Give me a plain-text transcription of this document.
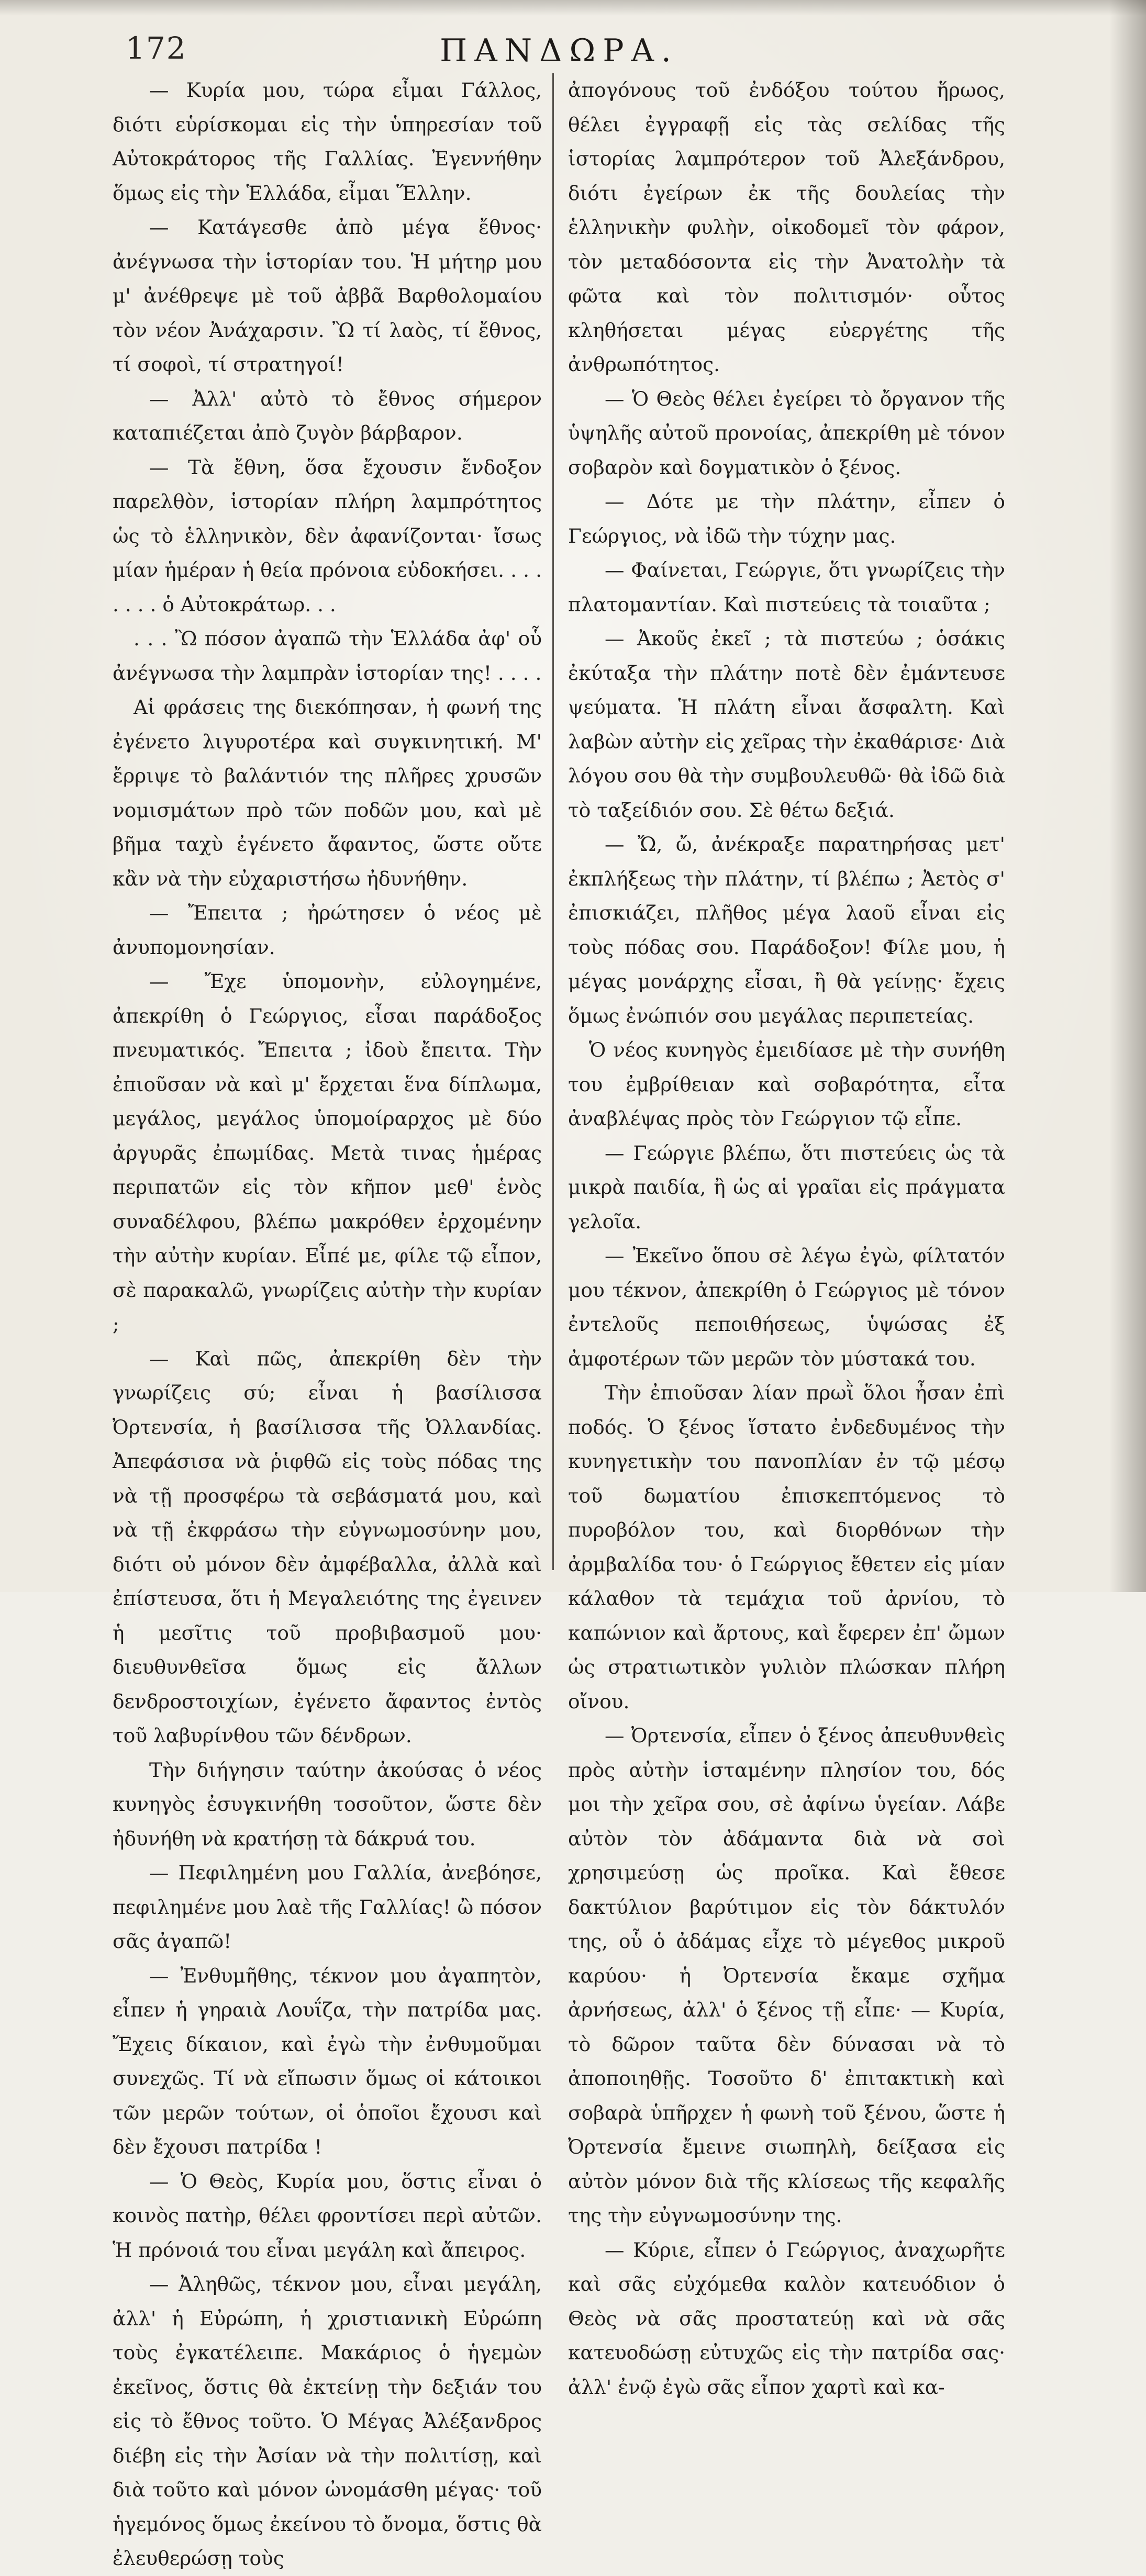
172	ΠΑΝΔΩΡΑ.

— Κυρία μου, τώρα εἶμαι Γάλλος, διότι εὑρίσκομαι εἰς τὴν ὑπηρεσίαν τοῦ Αὐτοκράτορος τῆς Γαλλίας. Ἐγεννήθην ὅμως εἰς τὴν Ἑλλάδα, εἶμαι Ἕλλην.

— Κατάγεσθε ἀπὸ μέγα ἔθνος· ἀνέγνωσα τὴν ἱστορίαν του. Ἡ μήτηρ μου μ' ἀνέθρεψε μὲ τοῦ ἀββᾶ Βαρθολομαίου τὸν νέον Ἀνάχαρσιν. Ὢ τί λαὸς, τί ἔθνος, τί σοφοὶ, τί στρατηγοί!

— Ἀλλ' αὐτὸ τὸ ἔθνος σήμερον καταπιέζεται ἀπὸ ζυγὸν βάρβαρον.

— Τὰ ἔθνη, ὅσα ἔχουσιν ἔνδοξον παρελθὸν, ἱστορίαν πλήρη λαμπρότητος ὡς τὸ ἑλληνικὸν, δὲν ἀφανίζονται· ἴσως μίαν ἡμέραν ἡ θεία πρόνοια εὐδοκήσει. . . . . . . . ὁ Αὐτοκράτωρ. . .

. . . Ὢ πόσον ἀγαπῶ τὴν Ἑλλάδα ἀφ' οὗ ἀνέγνωσα τὴν λαμπρὰν ἱστορίαν της! . . . .

Αἱ φράσεις της διεκόπησαν, ἡ φωνή της ἐγένετο λιγυροτέρα καὶ συγκινητική. Μ' ἔρριψε τὸ βαλάντιόν της πλῆρες χρυσῶν νομισμάτων πρὸ τῶν ποδῶν μου, καὶ μὲ βῆμα ταχὺ ἐγένετο ἄφαντος, ὥστε οὔτε κἂν νὰ τὴν εὐχαριστήσω ἠδυνήθην.

— Ἔπειτα ; ἠρώτησεν ὁ νέος μὲ ἀνυπομονησίαν.

— Ἔχε ὑπομονὴν, εὐλογημένε, ἀπεκρίθη ὁ Γεώργιος, εἶσαι παράδοξος πνευματικός. Ἔπειτα ; ἰδοὺ ἔπειτα. Τὴν ἐπιοῦσαν νὰ καὶ μ' ἔρχεται ἕνα δίπλωμα, μεγάλος, μεγάλος ὑπομοίραρχος μὲ δύο ἀργυρᾶς ἐπωμίδας. Μετὰ τινας ἡμέρας περιπατῶν εἰς τὸν κῆπον μεθ' ἑνὸς συναδέλφου, βλέπω μακρόθεν ἐρχομένην τὴν αὐτὴν κυρίαν. Εἶπέ με, φίλε τῷ εἶπον, σὲ παρακαλῶ, γνωρίζεις αὐτὴν τὴν κυρίαν ;

— Καὶ πῶς, ἀπεκρίθη δὲν τὴν γνωρίζεις σύ; εἶναι ἡ βασίλισσα Ὀρτενσία, ἡ βασίλισσα τῆς Ὀλλανδίας. Ἀπεφάσισα νὰ ῥιφθῶ εἰς τοὺς πόδας της νὰ τῇ προσφέρω τὰ σεβάσματά μου, καὶ νὰ τῇ ἐκφράσω τὴν εὐγνωμοσύνην μου, διότι οὐ μόνον δὲν ἀμφέβαλλα, ἀλλὰ καὶ ἐπίστευσα, ὅτι ἡ Μεγαλειότης της ἐγεινεν ἡ μεσῖτις τοῦ προβιβασμοῦ μου· διευθυνθεῖσα ὅμως εἰς ἄλλων δενδροστοιχίων, ἐγένετο ἄφαντος ἐντὸς τοῦ λαβυρίνθου τῶν δένδρων.

Τὴν διήγησιν ταύτην ἀκούσας ὁ νέος κυνηγὸς ἐσυγκινήθη τοσοῦτον, ὥστε δὲν ἠδυνήθη νὰ κρατήσῃ τὰ δάκρυά του.

— Πεφιλημένη μου Γαλλία, ἀνεβόησε, πεφιλημένε μου λαὲ τῆς Γαλλίας! ὢ πόσον σᾶς ἀγαπῶ!

— Ἐνθυμῆθης, τέκνον μου ἀγαπητὸν, εἶπεν ἡ γηραιὰ Λουΐζα, τὴν πατρίδα μας. Ἔχεις δίκαιον, καὶ ἐγὼ τὴν ἐνθυμοῦμαι συνεχῶς. Τί νὰ εἴπωσιν ὅμως οἱ κάτοικοι τῶν μερῶν τούτων, οἱ ὁποῖοι ἔχουσι καὶ δὲν ἔχουσι πατρίδα !

— Ὁ Θεὸς, Κυρία μου, ὅστις εἶναι ὁ κοινὸς πατὴρ, θέλει φροντίσει περὶ αὐτῶν. Ἡ πρόνοιά του εἶναι μεγάλη καὶ ἄπειρος.

— Ἀληθῶς, τέκνον μου, εἶναι μεγάλη, ἀλλ' ἡ Εὐρώπη, ἡ χριστιανικὴ Εὐρώπη τοὺς ἐγκατέλειπε. Μακάριος ὁ ἡγεμὼν ἐκεῖνος, ὅστις θὰ ἐκτείνῃ τὴν δεξιάν του εἰς τὸ ἔθνος τοῦτο. Ὁ Μέγας Ἀλέξανδρος διέβη εἰς τὴν Ἀσίαν νὰ τὴν πολιτίσῃ, καὶ διὰ τοῦτο καὶ μόνον ὠνομάσθη μέγας· τοῦ ἡγεμόνος ὅμως ἐκείνου τὸ ὄνομα, ὅστις θὰ ἐλευθερώσῃ τοὺς

ἀπογόνους τοῦ ἐνδόξου τούτου ἥρωος, θέλει ἐγγραφῇ εἰς τὰς σελίδας τῆς ἱστορίας λαμπρότερον τοῦ Ἀλεξάνδρου, διότι ἐγείρων ἐκ τῆς δουλείας τὴν ἑλληνικὴν φυλὴν, οἰκοδομεῖ τὸν φάρον, τὸν μεταδόσοντα εἰς τὴν Ἀνατολὴν τὰ φῶτα καὶ τὸν πολιτισμόν· οὗτος κληθήσεται μέγας εὐεργέτης τῆς ἀνθρωπότητος.

— Ὁ Θεὸς θέλει ἐγείρει τὸ ὄργανον τῆς ὑψηλῆς αὐτοῦ προνοίας, ἀπεκρίθη μὲ τόνον σοβαρὸν καὶ δογματικὸν ὁ ξένος.

— Δότε με τὴν πλάτην, εἶπεν ὁ Γεώργιος, νὰ ἰδῶ τὴν τύχην μας.

— Φαίνεται, Γεώργιε, ὅτι γνωρίζεις τὴν πλατομαντίαν. Καὶ πιστεύεις τὰ τοιαῦτα ;

— Ἀκοῦς ἐκεῖ ; τὰ πιστεύω ; ὁσάκις ἐκύταξα τὴν πλάτην ποτὲ δὲν ἐμάντευσε ψεύματα. Ἡ πλάτη εἶναι ἄσφαλτη. Καὶ λαβὼν αὐτὴν εἰς χεῖρας τὴν ἐκαθάρισε· Διὰ λόγου σου θὰ τὴν συμβουλευθῶ· θὰ ἰδῶ διὰ τὸ ταξείδιόν σου. Σὲ θέτω δεξιά.

— Ὤ, ὤ, ἀνέκραξε παρατηρήσας μετ' ἐκπλήξεως τὴν πλάτην, τί βλέπω ; Ἀετὸς σ' ἐπισκιάζει, πλῆθος μέγα λαοῦ εἶναι εἰς τοὺς πόδας σου. Παράδοξον! Φίλε μου, ἡ μέγας μονάρχης εἶσαι, ἢ θὰ γείνῃς· ἔχεις ὅμως ἐνώπιόν σου μεγάλας περιπετείας.

Ὁ νέος κυνηγὸς ἐμειδίασε μὲ τὴν συνήθη του ἐμβρίθειαν καὶ σοβαρότητα, εἶτα ἀναβλέψας πρὸς τὸν Γεώργιον τῷ εἶπε.

— Γεώργιε βλέπω, ὅτι πιστεύεις ὡς τὰ μικρὰ παιδία, ἢ ὡς αἱ γραῖαι εἰς πράγματα γελοῖα.

— Ἐκεῖνο ὅπου σὲ λέγω ἐγὼ, φίλτατόν μου τέκνον, ἀπεκρίθη ὁ Γεώργιος μὲ τόνον ἐντελοῦς πεποιθήσεως, ὑψώσας ἐξ ἀμφοτέρων τῶν μερῶν τὸν μύστακά του.

Τὴν ἐπιοῦσαν λίαν πρωῒ ὅλοι ἦσαν ἐπὶ ποδός. Ὁ ξένος ἵστατο ἐνδεδυμένος τὴν κυνηγετικὴν του πανοπλίαν ἐν τῷ μέσῳ τοῦ δωματίου ἐπισκεπτόμενος τὸ πυροβόλον του, καὶ διορθόνων τὴν ἀρμβαλίδα του· ὁ Γεώργιος ἔθετεν εἰς μίαν κάλαθον τὰ τεμάχια τοῦ ἀρνίου, τὸ καπώνιον καὶ ἄρτους, καὶ ἔφερεν ἐπ' ὤμων ὡς στρατιωτικὸν γυλιὸν πλώσκαν πλήρη οἴνου.

— Ὀρτενσία, εἶπεν ὁ ξένος ἀπευθυνθεὶς πρὸς αὐτὴν ἱσταμένην πλησίον του, δός μοι τὴν χεῖρα σου, σὲ ἀφίνω ὑγείαν. Λάβε αὐτὸν τὸν ἀδάμαντα διὰ νὰ σοὶ χρησιμεύσῃ ὡς προῖκα. Καὶ ἔθεσε δακτύλιον βαρύτιμον εἰς τὸν δάκτυλόν της, οὗ ὁ ἀδάμας εἶχε τὸ μέγεθος μικροῦ καρύου· ἡ Ὀρτενσία ἔκαμε σχῆμα ἀρνήσεως, ἀλλ' ὁ ξένος τῇ εἶπε· — Κυρία, τὸ δῶρον ταῦτα δὲν δύνασαι νὰ τὸ ἀποποιηθῇς. Τοσοῦτο δ' ἐπιτακτικὴ καὶ σοβαρὰ ὑπῆρχεν ἡ φωνὴ τοῦ ξένου, ὥστε ἡ Ὀρτενσία ἔμεινε σιωπηλὴ, δείξασα εἰς αὐτὸν μόνον διὰ τῆς κλίσεως τῆς κεφαλῆς της τὴν εὐγνωμοσύνην της.

— Κύριε, εἶπεν ὁ Γεώργιος, ἀναχωρῆτε καὶ σᾶς εὐχόμεθα καλὸν κατευόδιον ὁ Θεὸς νὰ σᾶς προστατεύῃ καὶ νὰ σᾶς κατευοδώσῃ εὐτυχῶς εἰς τὴν πατρίδα σας· ἀλλ' ἐνῷ ἐγὼ σᾶς εἶπον χαρτὶ καὶ κα-
